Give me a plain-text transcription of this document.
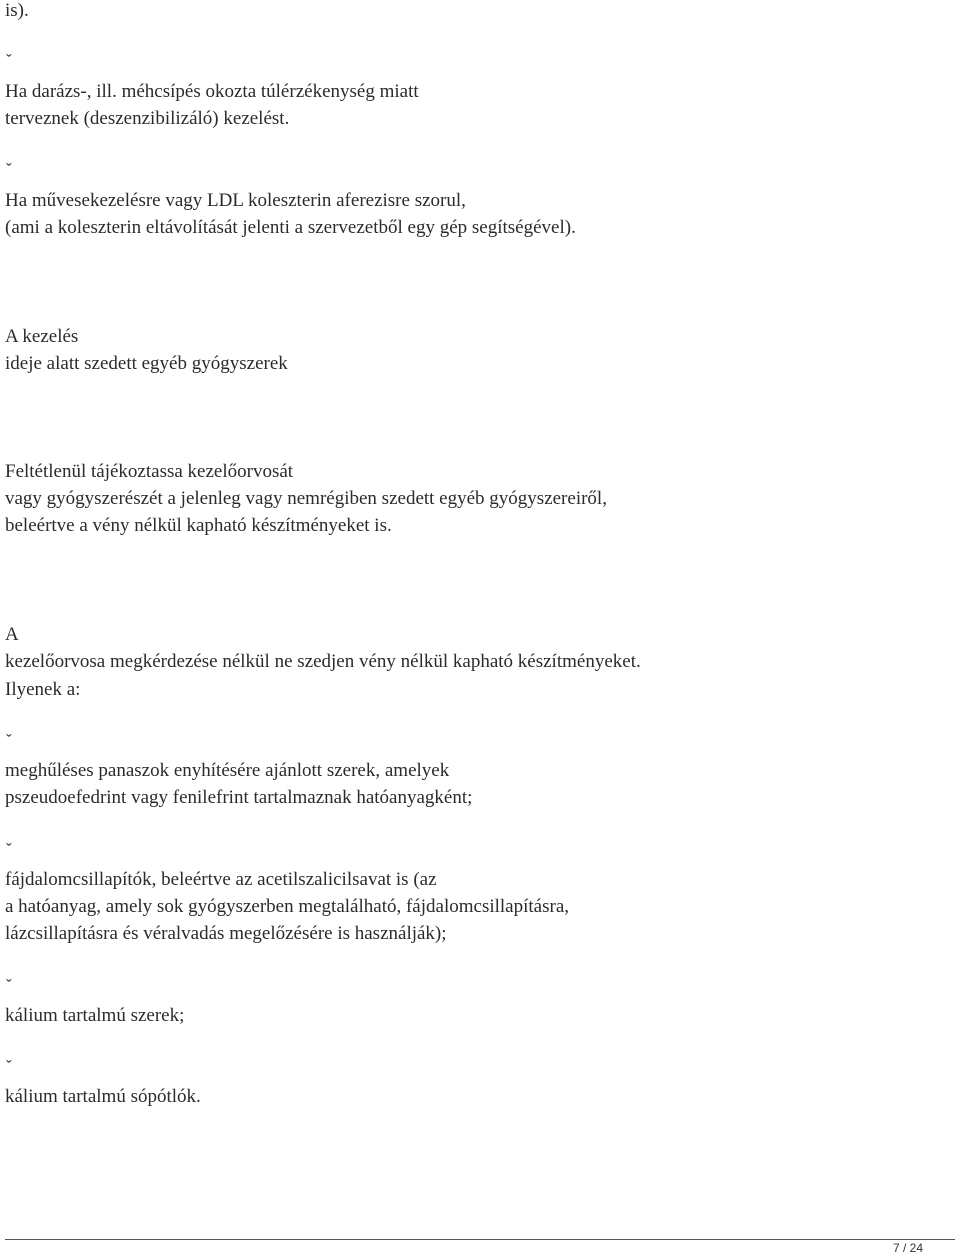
is).
ˇ
Ha darázs-, ill. méhcsípés okozta túlérzékenység miatt
terveznek (deszenzibilizáló) kezelést.
ˇ
Ha művesekezelésre vagy LDL koleszterin aferezisre szorul,
(ami a koleszterin eltávolítását jelenti a szervezetből egy gép segítségével).
A kezelés
ideje alatt szedett egyéb gyógyszerek
Feltétlenül tájékoztassa kezelőorvosát
vagy gyógyszerészét a jelenleg vagy nemrégiben szedett egyéb gyógyszereiről,
beleértve a vény nélkül kapható készítményeket is.
A
kezelőorvosa megkérdezése nélkül ne szedjen vény nélkül kapható készítményeket.
Ilyenek a:
ˇ
meghűléses panaszok enyhítésére ajánlott szerek, amelyek
pszeudoefedrint vagy fenilefrint tartalmaznak hatóanyagként;
ˇ
fájdalomcsillapítók, beleértve az acetilszalicilsavat is (az
a hatóanyag, amely sok gyógyszerben megtalálható, fájdalomcsillapításra,
lázcsillapításra és véralvadás megelőzésére is használják);
ˇ
kálium tartalmú szerek;
ˇ
kálium tartalmú sópótlók.
7 / 24
